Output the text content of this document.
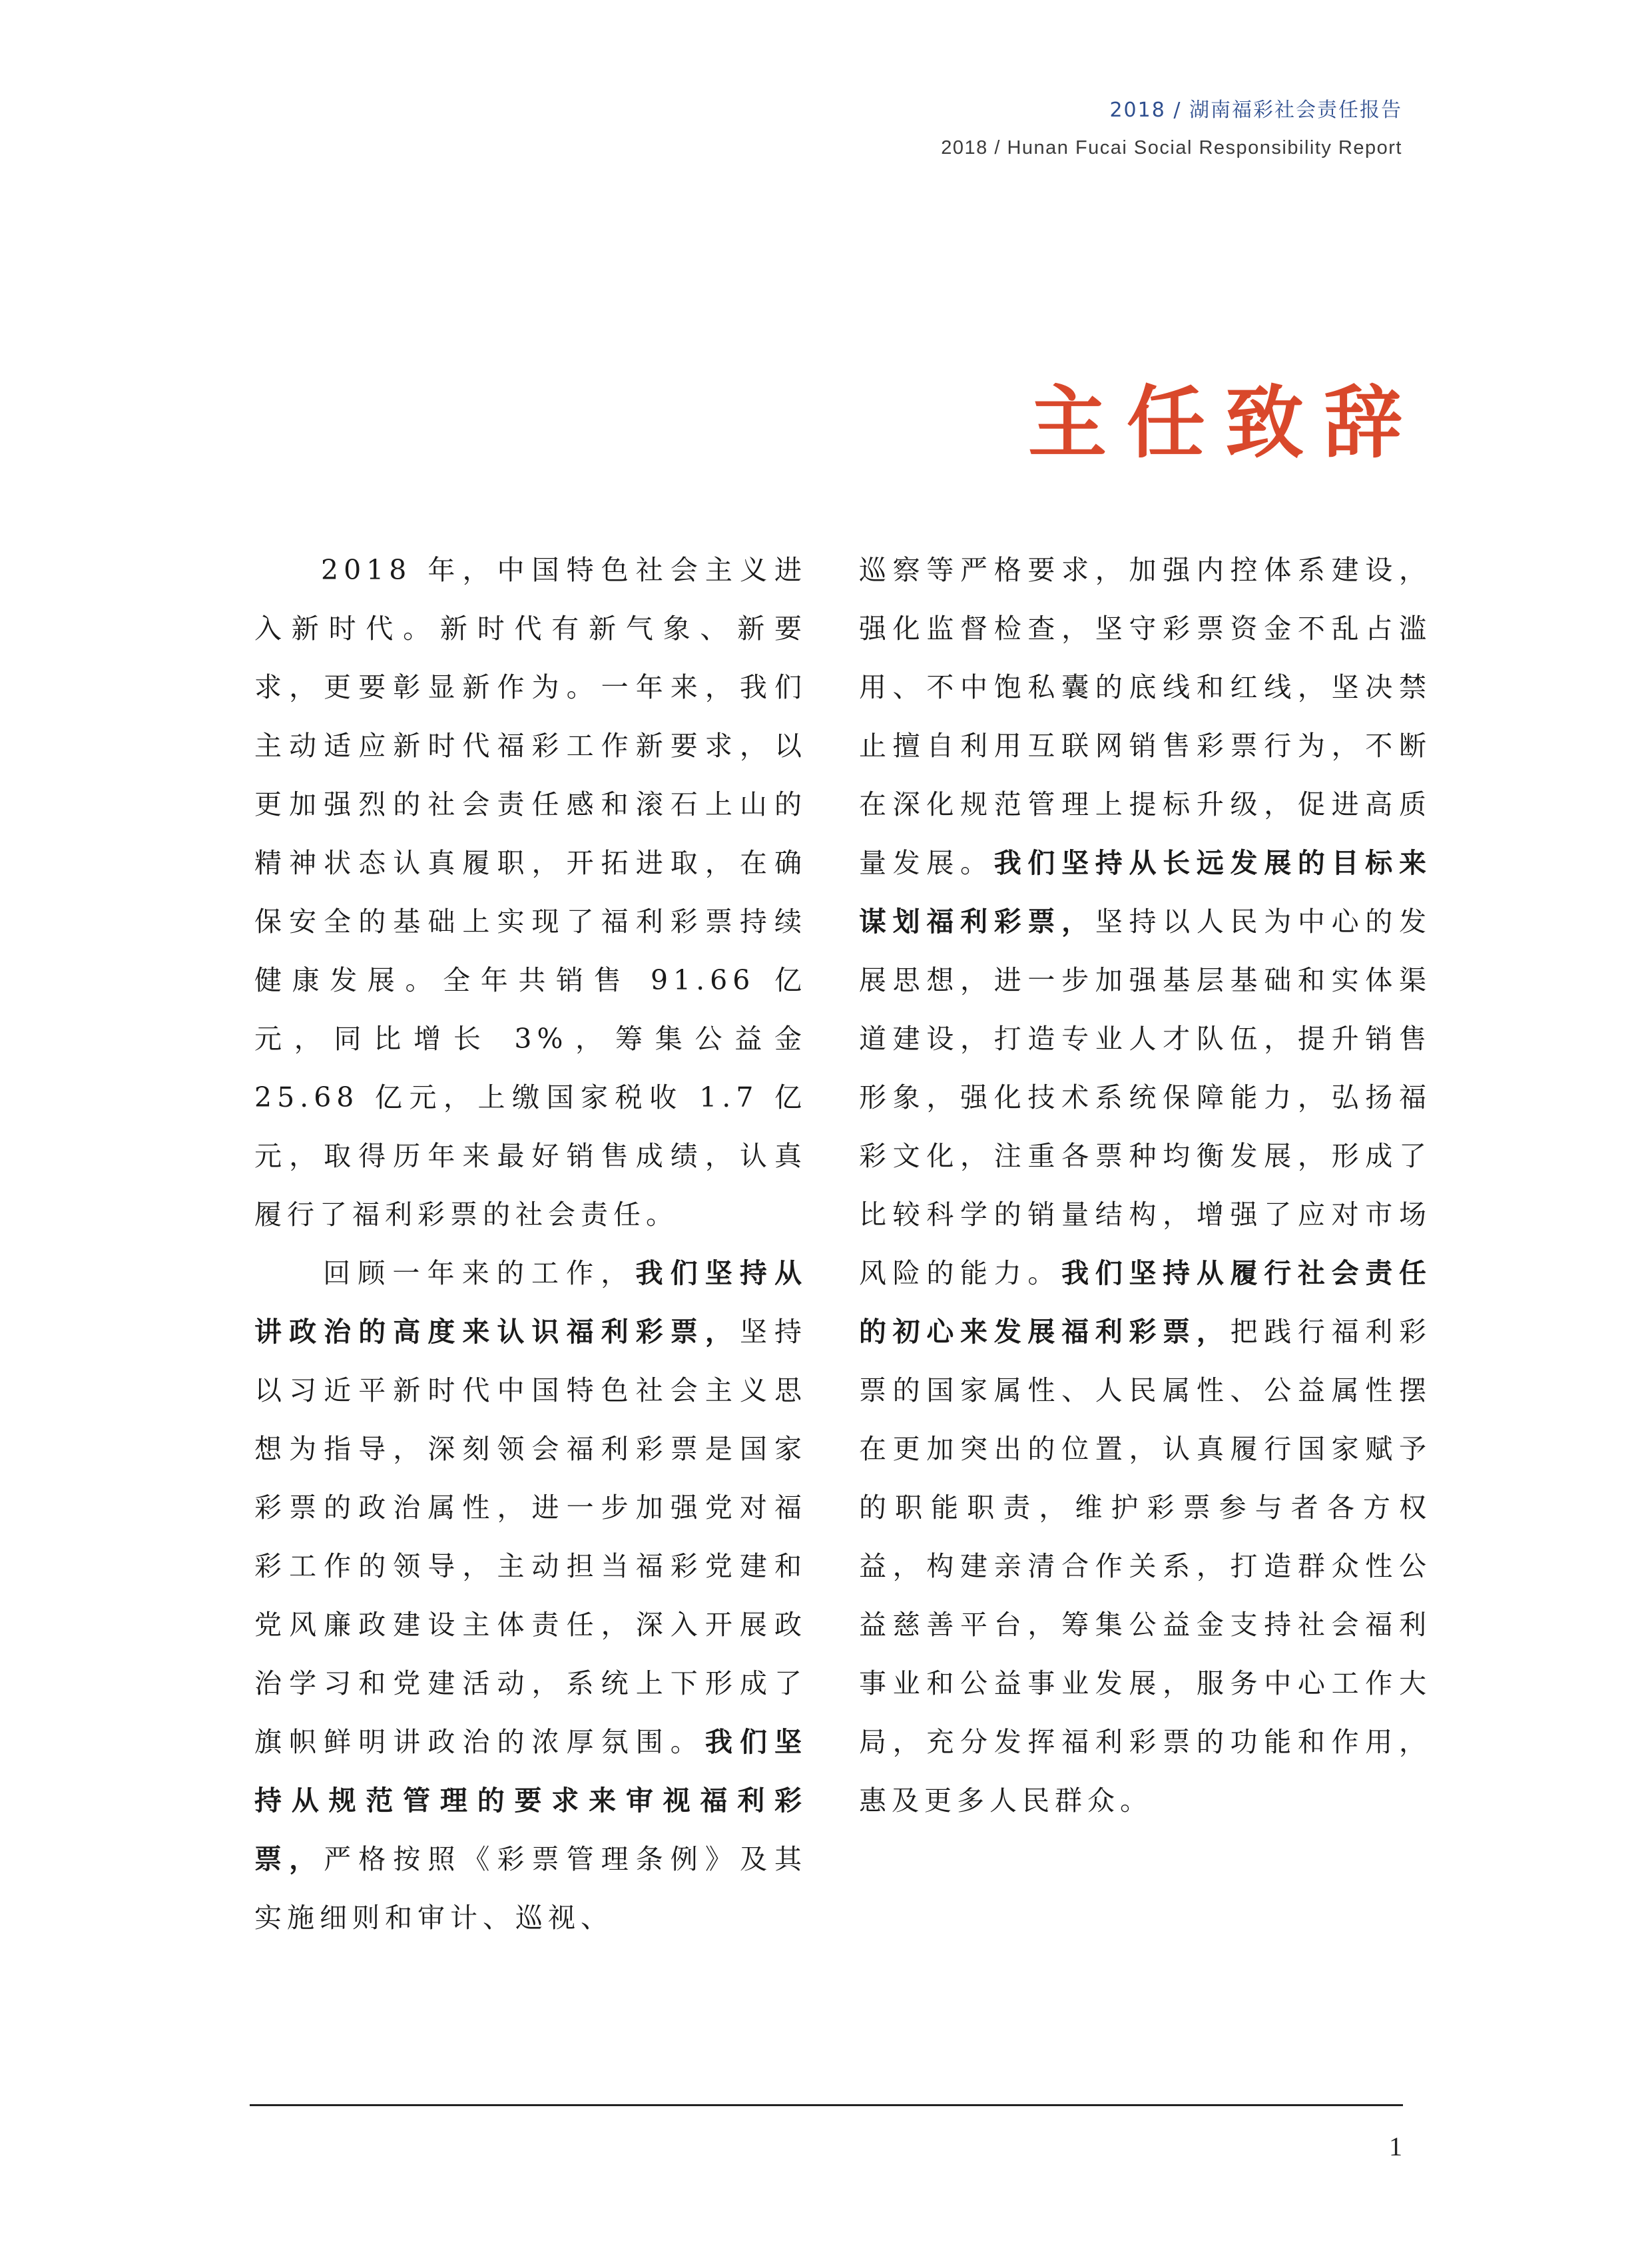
2018 / 湖南福彩社会责任报告
2018 / Hunan Fucai Social Responsibility Report
主任致辞

2018 年，中国特色社会主义进入新时代。新时代有新气象、新要求，更要彰显新作为。一年来，我们主动适应新时代福彩工作新要求，以更加强烈的社会责任感和滚石上山的精神状态认真履职，开拓进取，在确保安全的基础上实现了福利彩票持续健康发展。全年共销售 91.66 亿元，同比增长 3%，筹集公益金 25.68 亿元，上缴国家税收 1.7 亿元，取得历年来最好销售成绩，认真履行了福利彩票的社会责任。

回顾一年来的工作，我们坚持从讲政治的高度来认识福利彩票，坚持以习近平新时代中国特色社会主义思想为指导，深刻领会福利彩票是国家彩票的政治属性，进一步加强党对福彩工作的领导，主动担当福彩党建和党风廉政建设主体责任，深入开展政治学习和党建活动，系统上下形成了旗帜鲜明讲政治的浓厚氛围。我们坚持从规范管理的要求来审视福利彩票，严格按照《彩票管理条例》及其实施细则和审计、巡视、

巡察等严格要求，加强内控体系建设，强化监督检查，坚守彩票资金不乱占滥用、不中饱私囊的底线和红线，坚决禁止擅自利用互联网销售彩票行为，不断在深化规范管理上提标升级，促进高质量发展。我们坚持从长远发展的目标来谋划福利彩票，坚持以人民为中心的发展思想，进一步加强基层基础和实体渠道建设，打造专业人才队伍，提升销售形象，强化技术系统保障能力，弘扬福彩文化，注重各票种均衡发展，形成了比较科学的销量结构，增强了应对市场风险的能力。我们坚持从履行社会责任的初心来发展福利彩票，把践行福利彩票的国家属性、人民属性、公益属性摆在更加突出的位置，认真履行国家赋予的职能职责，维护彩票参与者各方权益，构建亲清合作关系，打造群众性公益慈善平台，筹集公益金支持社会福利事业和公益事业发展，服务中心工作大局，充分发挥福利彩票的功能和作用，惠及更多人民群众。

1
